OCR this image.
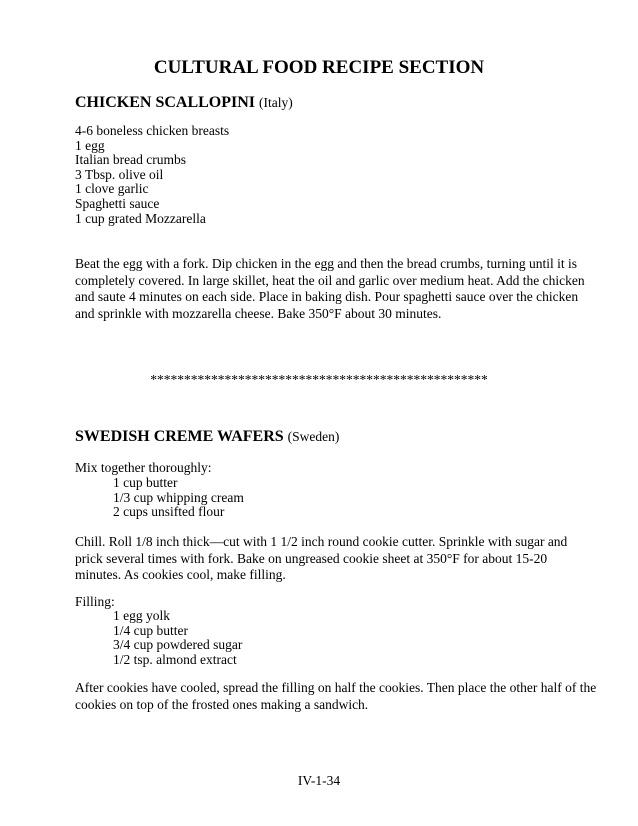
CULTURAL FOOD RECIPE SECTION
CHICKEN SCALLOPINI (Italy)
4-6 boneless chicken breasts
1 egg
Italian bread crumbs
3 Tbsp. olive oil
1 clove garlic
Spaghetti sauce
1 cup grated Mozzarella

Beat the egg with a fork. Dip chicken in the egg and then the bread crumbs, turning until it is
completely covered. In large skillet, heat the oil and garlic over medium heat. Add the chicken
and saute 4 minutes on each side. Place in baking dish. Pour spaghetti sauce over the chicken
and sprinkle with mozzarella cheese. Bake 350°F about 30 minutes.

**************************************************
SWEDISH CREME WAFERS (Sweden)
Mix together thoroughly:
1 cup butter
1/3 cup whipping cream
2 cups unsifted flour

Chill. Roll 1/8 inch thick—cut with 1 1/2 inch round cookie cutter. Sprinkle with sugar and
prick several times with fork. Bake on ungreased cookie sheet at 350°F for about 15-20
minutes. As cookies cool, make filling.

Filling:
1 egg yolk
1/4 cup butter
3/4 cup powdered sugar
1/2 tsp. almond extract

After cookies have cooled, spread the filling on half the cookies. Then place the other half of the
cookies on top of the frosted ones making a sandwich.

IV-1-34
